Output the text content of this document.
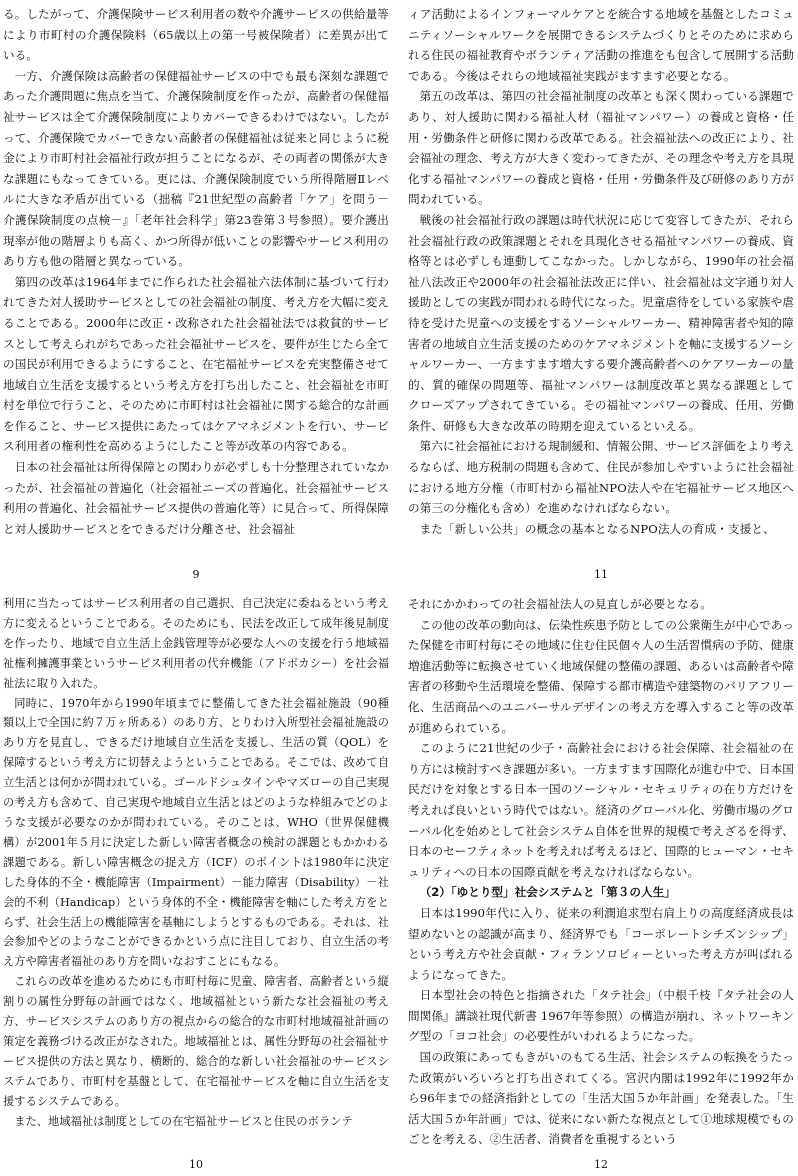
る。したがって、介護保険サービス利用者の数や介護サービスの供給量等により市町村の介護保険料（65歳以上の第一号被保険者）に差異が出ている。

一方、介護保険は高齢者の保健福祉サービスの中でも最も深刻な課題であった介護問題に焦点を当て、介護保険制度を作ったが、高齢者の保健福祉サービスは全て介護保険制度によりカバーできるわけではない。したがって、介護保険でカバーできない高齢者の保健福祉は従来と同じように税金により市町村社会福祉行政が担うことになるが、その両者の関係が大きな課題にもなってきている。更には、介護保険制度でいう所得階層Ⅱレベルに大きな矛盾が出ている（拙稿『21世紀型の高齢者「ケア」を問う－介護保険制度の点検－』「老年社会科学」第23巻第３号参照）。要介護出現率が他の階層よりも高く、かつ所得が低いことの影響やサービス利用のあり方も他の階層と異なっている。

第四の改革は1964年までに作られた社会福祉六法体制に基づいて行われてきた対人援助サービスとしての社会福祉の制度、考え方を大幅に変えることである。2000年に改正・改称された社会福祉法では救貧的サービスとして考えられがちであった社会福祉サービスを、要件が生じたら全ての国民が利用できるようにすること、在宅福祉サービスを充実整備させて地域自立生活を支援するという考え方を打ち出したこと、社会福祉を市町村を単位で行うこと、そのために市町村は社会福祉に関する総合的な計画を作ること、サービス提供にあたってはケアマネジメントを行い、サービス利用者の権利性を高めるようにしたこと等が改革の内容である。

日本の社会福祉は所得保障との関わりが必ずしも十分整理されていなかったが、社会福祉の普遍化（社会福祉ニーズの普遍化、社会福祉サービス利用の普遍化、社会福祉サービス提供の普遍化等）に見合って、所得保障と対人援助サービスとをできるだけ分離させ、社会福祉

9

ィア活動によるインフォーマルケアとを統合する地域を基盤としたコミュニティソーシャルワークを展開できるシステムづくりとそのために求められる住民の福祉教育やボランティア活動の推進をも包含して展開する活動である。今後はそれらの地域福祉実践がますます必要となる。

第五の改革は、第四の社会福祉制度の改革とも深く関わっている課題であり、対人援助に関わる福祉人材（福祉マンパワー）の養成と資格・任用・労働条件と研修に関わる改革である。社会福祉法への改正により、社会福祉の理念、考え方が大きく変わってきたが、その理念や考え方を具現化する福祉マンパワーの養成と資格・任用・労働条件及び研修のあり方が問われている。

戦後の社会福祉行政の課題は時代状況に応じて変容してきたが、それら社会福祉行政の政策課題とそれを具現化させる福祉マンパワーの養成、資格等とは必ずしも連動してこなかった。しかしながら、1990年の社会福祉八法改正や2000年の社会福祉法改正に伴い、社会福祉は文字通り対人援助としての実践が問われる時代になった。児童虐待をしている家族や虐待を受けた児童への支援をするソーシャルワーカー、精神障害者や知的障害者の地域自立生活支援のためのケアマネジメントを軸に支援するソーシャルワーカー、一方ますます増大する要介護高齢者へのケアワーカーの量的、質的確保の問題等、福祉マンパワーは制度改革と異なる課題として クローズアップされてきている。その福祉マンパワーの養成、任用、労働条件、研修も大きな改革の時期を迎えているといえる。

第六に社会福祉における規制緩和、情報公開、サービス評価をより考えるならば、地方税制の問題も含めて、住民が参加しやすいように社会福祉における地方分権（市町村から福祉NPO法人や在宅福祉サービス地区への第三の分権化も含め）を進めなければならない。

また「新しい公共」の概念の基本となるNPO法人の育成・支援と、

11

利用に当たってはサービス利用者の自己選択、自己決定に委ねるという考え方に変えるということである。そのためにも、民法を改正して成年後見制度を作ったり、地域で自立生活上金銭管理等が必要な人への支援を行う地域福祉権利擁護事業というサービス利用者の代弁機能（アドボカシー）を社会福祉法に取り入れた。

同時に、1970年から1990年頃までに整備してきた社会福祉施設（90種類以上で全国に約７万ヶ所ある）のあり方、とりわけ入所型社会福祉施設のあり方を見直し、できるだけ地域自立生活を支援し、生活の質（QOL）を保障するという考え方に切替えようということである。そこでは、改めて自立生活とは何かが問われている。ゴールドシュタインやマズローの自己実現の考え方も含めて、自己実現や地域自立生活とはどのような枠組みでどのような支援が必要なのかが問われている。そのことは、WHO（世界保健機構）が2001年５月に決定した新しい障害者概念の検討の課題ともかかわる課題である。新しい障害概念の捉え方（ICF）のポイントは1980年に決定した身体的不全・機能障害（Impairment）－能力障害（Disability）－社会的不利（Handicap）という身体的不全・機能障害を軸にした考え方をとらず、社会生活上の機能障害を基軸にしようとするものである。それは、社会参加やどのようなことができるかという点に注目しており、自立生活の考え方や障害者福祉のあり方を問いなおすことにもなる。

これらの改革を進めるためにも市町村毎に児童、障害者、高齢者という縦割りの属性分野毎の計画ではなく、地域福祉という新たな社会福祉の考え方、サービスシステムのあり方の視点からの総合的な市町村地域福祉計画の策定を義務づける改正がなされた。地域福祉とは、属性分野毎の社会福祉サービス提供の方法と異なり、横断的、総合的な新しい社会福祉のサービスシステムであり、市町村を基盤として、在宅福祉サービスを軸に自立生活を支援するシステムである。

また、地域福祉は制度としての在宅福祉サービスと住民のボランテ

10

それにかかわっての社会福祉法人の見直しが必要となる。

この他の改革の動向は、伝染性疾患予防としての公衆衛生が中心であった保健を市町村毎にその地域に住む住民個々人の生活習慣病の予防、健康増進活動等に転換させていく地域保健の整備の課題、あるいは高齢者や障害者の移動や生活環境を整備、保障する都市構造や建築物のバリアフリー化、生活商品へのユニバーサルデザインの考え方を導入すること等の改革が進められている。

このように21世紀の少子・高齢社会における社会保障、社会福祉の在り方には検討すべき課題が多い。一方ますます国際化が進む中で、日本国民だけを対象とする日本一国のソーシャル・セキュリティの在り方だけを考えれば良いという時代ではない。経済のグローバル化、労働市場のグローバル化を始めとして社会システム自体を世界的規模で考えざるを得ず、日本のセーフティネットを考えれば考えるほど、国際的ヒューマン・セキュリティへの日本の国際貢献を考えなければならない。

（2）「ゆとり型」社会システムと「第３の人生」

日本は1990年代に入り、従来の利潤追求型右肩上りの高度経済成長は望めないとの認識が高まり、経済界でも「コーポレートシチズンシップ」という考え方や社会貢献・フィランソロピィーといった考え方が叫ばれるようになってきた。

日本型社会の特色と指摘された「タテ社会」（中根千枝『タテ社会の人間関係』講談社現代新書 1967年等参照）の構造が崩れ、ネットワーキング型の「ヨコ社会」の必要性がいわれるようになった。

国の政策にあってもきがいのもてる生活、社会システムの転換をうたった政策がいろいろと打ち出されてくる。宮沢内閣は1992年に1992年から96年までの経済指針としての「生活大国５か年計画」を発表した。「生活大国５か年計画」では、従来にない新たな視点として①地球規模でものごとを考える、②生活者、消費者を重視するという

12
